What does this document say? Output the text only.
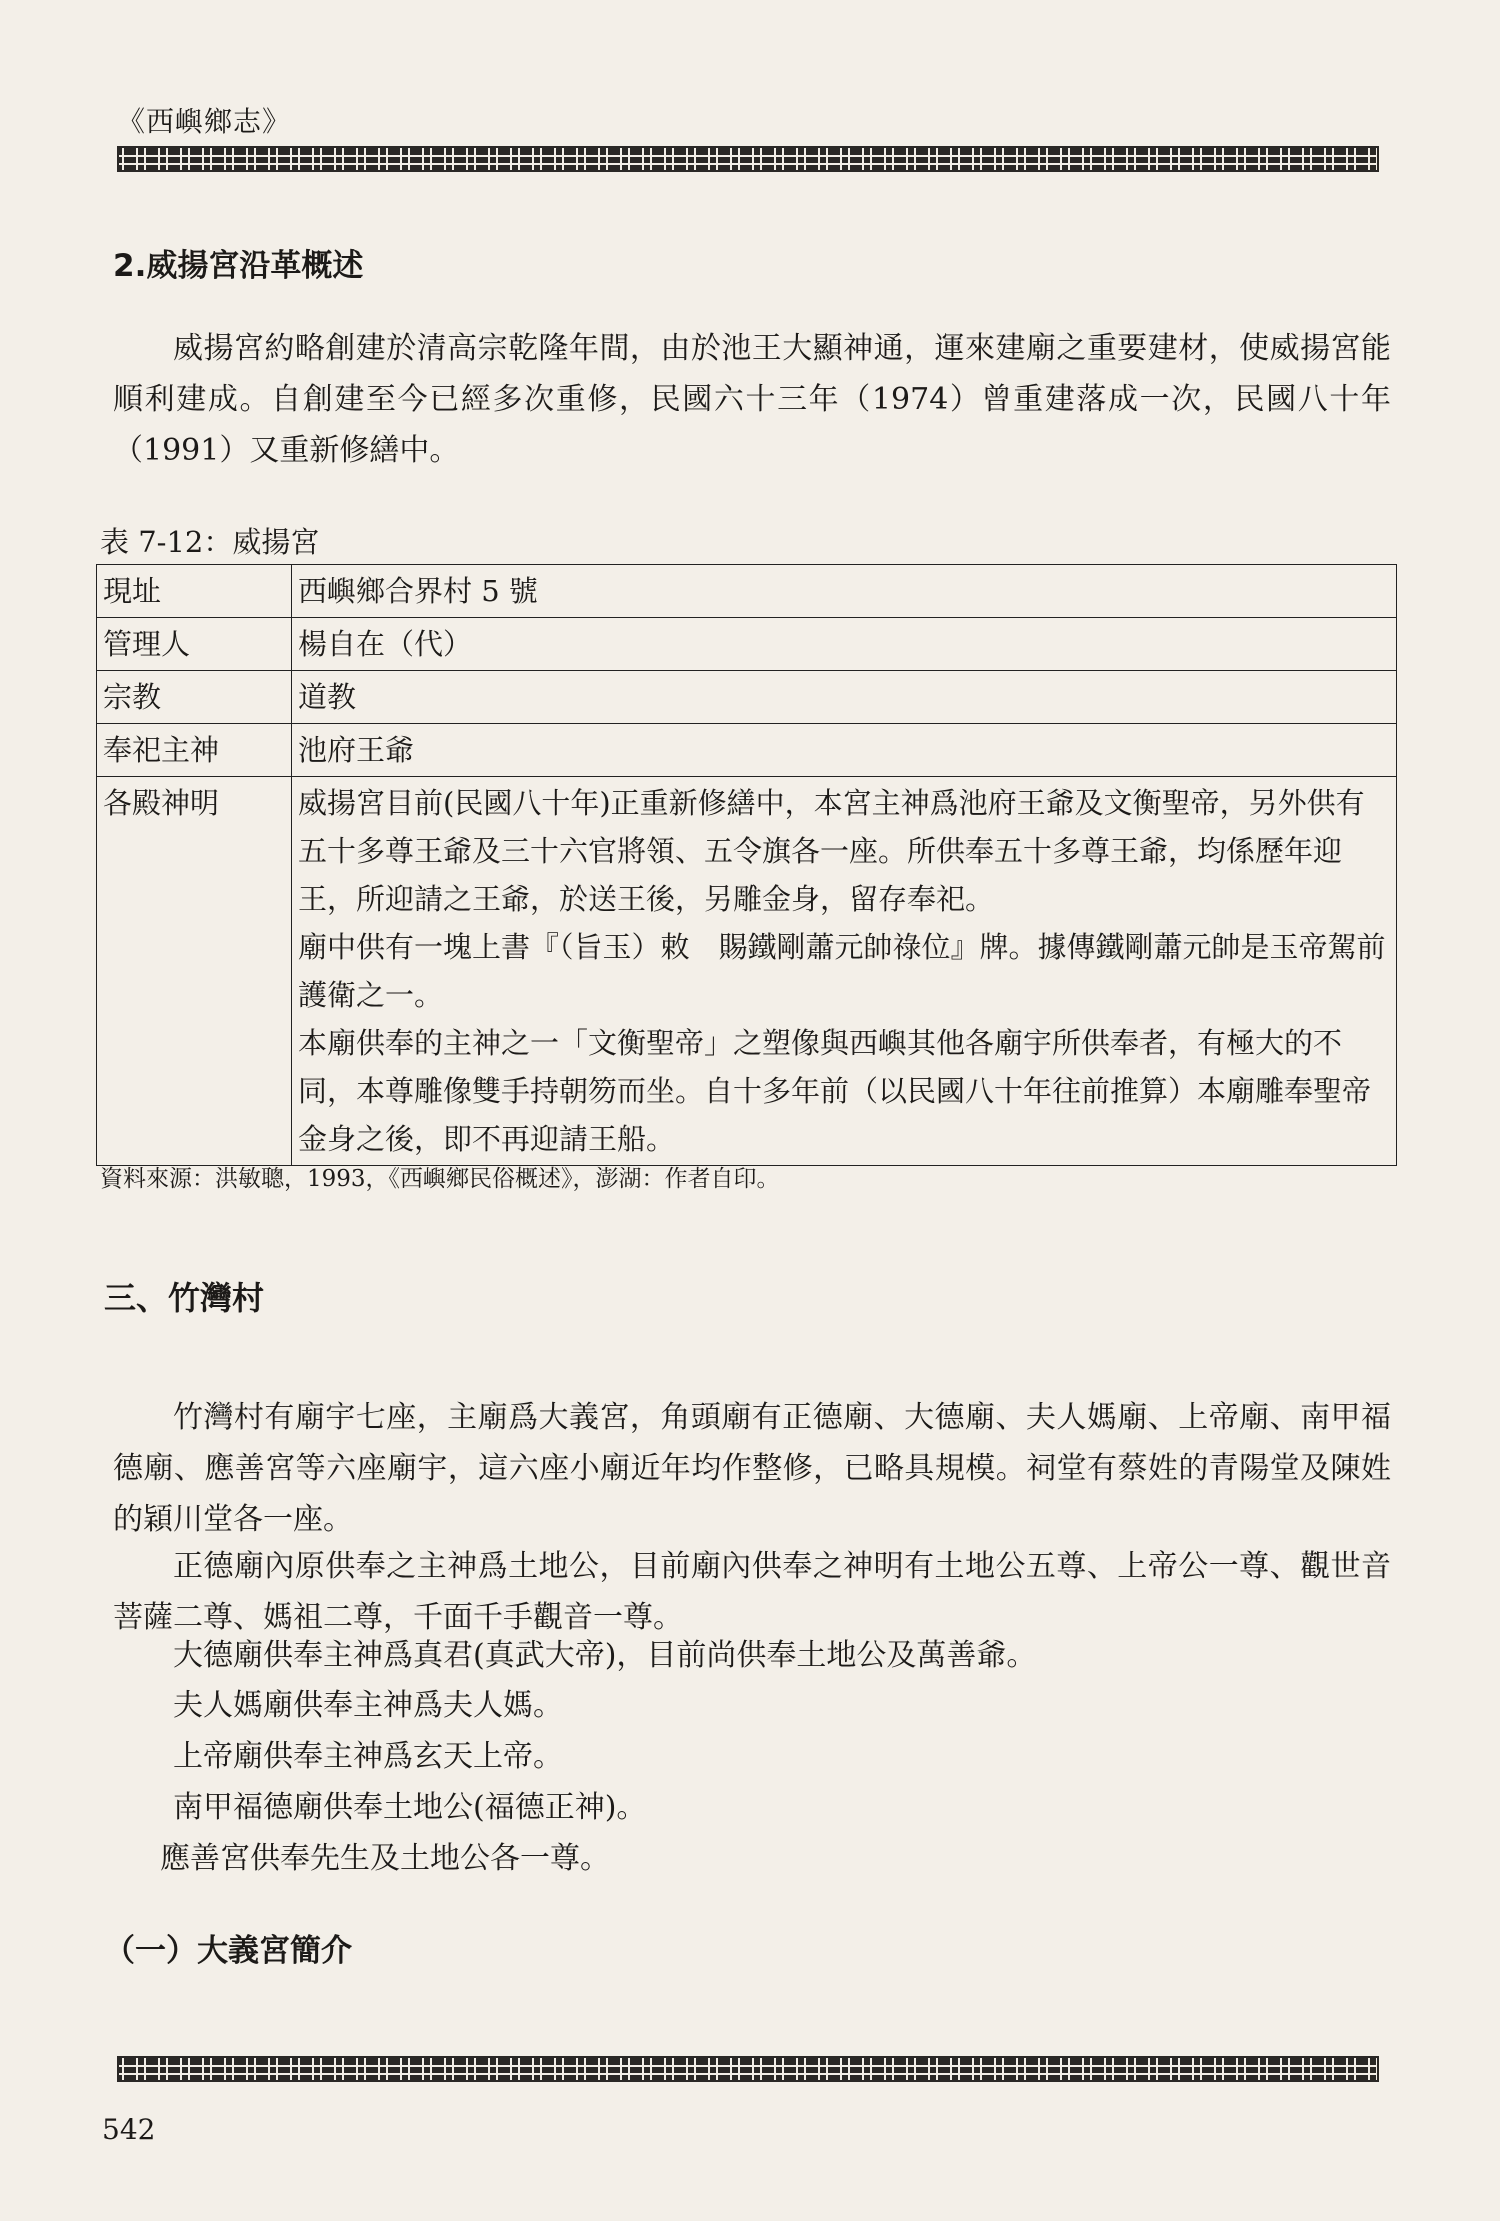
《西嶼鄉志》
2.威揚宮沿革概述

威揚宮約略創建於清高宗乾隆年間，由於池王大顯神通，運來建廟之重要建材，使威揚宮能順利建成。自創建至今已經多次重修，民國六十三年（1974）曾重建落成一次，民國八十年（1991）又重新修繕中。

表 7-12：威揚宮
現址	西嶼鄉合界村 5 號
管理人	楊自在（代）
宗教	道教
奉祀主神	池府王爺
各殿神明	威揚宮目前(民國八十年)正重新修繕中，本宮主神爲池府王爺及文衡聖帝，另外供有五十多尊王爺及三十六官將領、五令旗各一座。所供奉五十多尊王爺，均係歷年迎王，所迎請之王爺，於送王後，另雕金身，留存奉祀。
廟中供有一塊上書『（旨玉）敕　賜鐵剛蕭元帥祿位』牌。據傳鐵剛蕭元帥是玉帝駕前護衛之一。
本廟供奉的主神之一「文衡聖帝」之塑像與西嶼其他各廟宇所供奉者，有極大的不同，本尊雕像雙手持朝笏而坐。自十多年前（以民國八十年往前推算）本廟雕奉聖帝金身之後，即不再迎請王船。
資料來源：洪敏聰，1993，《西嶼鄉民俗概述》，澎湖：作者自印。
三、竹灣村

竹灣村有廟宇七座，主廟爲大義宮，角頭廟有正德廟、大德廟、夫人媽廟、上帝廟、南甲福德廟、應善宮等六座廟宇，這六座小廟近年均作整修，已略具規模。祠堂有蔡姓的青陽堂及陳姓的穎川堂各一座。

正德廟內原供奉之主神爲土地公，目前廟內供奉之神明有土地公五尊、上帝公一尊、觀世音菩薩二尊、媽祖二尊，千面千手觀音一尊。

大德廟供奉主神爲真君(真武大帝)，目前尚供奉土地公及萬善爺。
夫人媽廟供奉主神爲夫人媽。
上帝廟供奉主神爲玄天上帝。
南甲福德廟供奉土地公(福德正神)。
應善宮供奉先生及土地公各一尊。
（一）大義宮簡介
542
